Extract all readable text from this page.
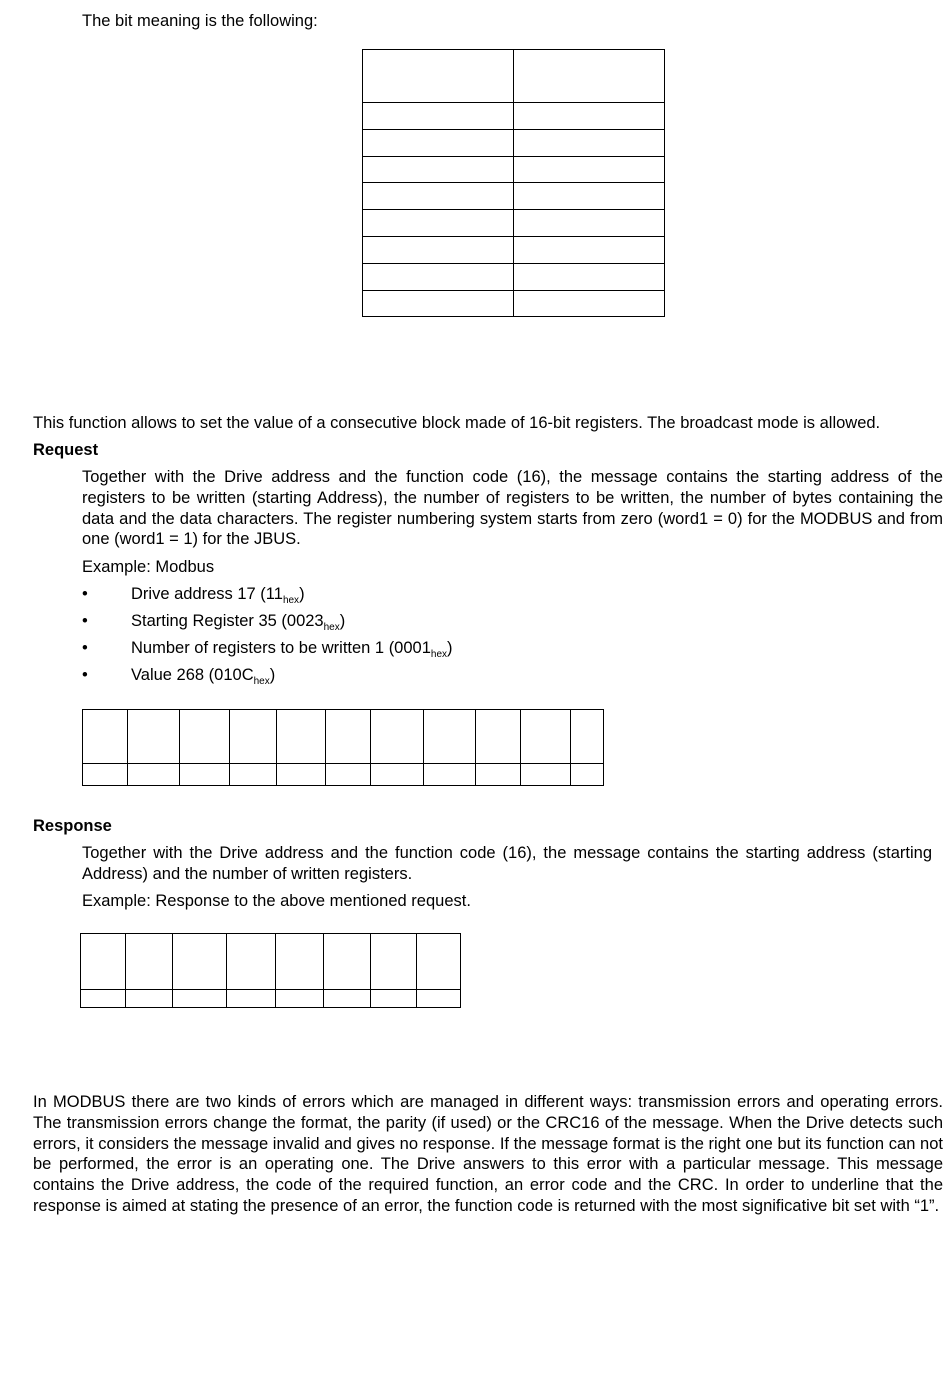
The bit meaning is the following:

This function allows to set the value of a consecutive block made of 16-bit registers. The broadcast mode is allowed.
Request
Together with the Drive address and the function code (16), the message contains the starting address of the registers to be written (starting Address), the number of registers to be written, the number of bytes containing the data and the data characters. The register numbering system starts from zero (word1 = 0) for the MODBUS and from one (word1 = 1) for the JBUS.
Example: Modbus
•	Drive address 17 $(11_{hex})$
•	Starting Register 35 $(0023_{hex})$
•	Number of registers to be written 1 $(0001_{hex})$
•	Value 268 $(010C_{hex})$

Response
Together with the Drive address and the function code (16), the message contains the starting address (starting Address) and the number of written registers.
Example: Response to the above mentioned request.

In MODBUS there are two kinds of errors which are managed in different ways: transmission errors and operating errors. The transmission errors change the format, the parity (if used) or the CRC16 of the message. When the Drive detects such errors, it considers the message invalid and gives no response. If the message format is the right one but its function can not be performed, the error is an operating one. The Drive answers to this error with a particular message. This message contains the Drive address, the code of the required function, an error code and the CRC. In order to underline that the response is aimed at stating the presence of an error, the function code is returned with the most significative bit set with “1”.
